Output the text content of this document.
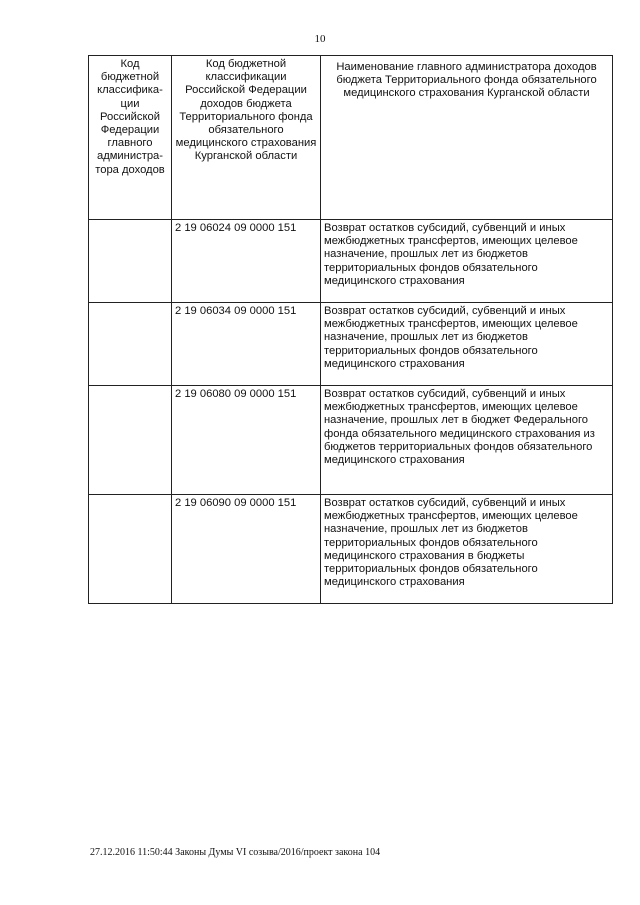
10
Код бюджетной классификации Российской Федерации главного администратора доходов	Код бюджетной классификации Российской Федерации доходов бюджета Территориального фонда обязательного медицинского страхования Курганской области	Наименование главного администратора доходов бюджета Территориального фонда обязательного медицинского страхования Курганской области
	2 19 06024 09 0000 151	Возврат остатков субсидий, субвенций и иных межбюджетных трансфертов, имеющих целевое назначение, прошлых лет из бюджетов территориальных фондов обязательного медицинского страхования
	2 19 06034 09 0000 151	Возврат остатков субсидий, субвенций и иных межбюджетных трансфертов, имеющих целевое назначение, прошлых лет из бюджетов территориальных фондов обязательного медицинского страхования
	2 19 06080 09 0000 151	Возврат остатков субсидий, субвенций и иных межбюджетных трансфертов, имеющих целевое назначение, прошлых лет в бюджет Федерального фонда обязательного медицинского страхования из бюджетов территориальных фондов обязательного медицинского страхования
	2 19 06090 09 0000 151	Возврат остатков субсидий, субвенций и иных межбюджетных трансфертов, имеющих целевое назначение, прошлых лет из бюджетов территориальных фондов обязательного медицинского страхования в бюджеты территориальных фондов обязательного медицинского страхования
27.12.2016 11:50:44 Законы Думы VI созыва/2016/проект закона 104
